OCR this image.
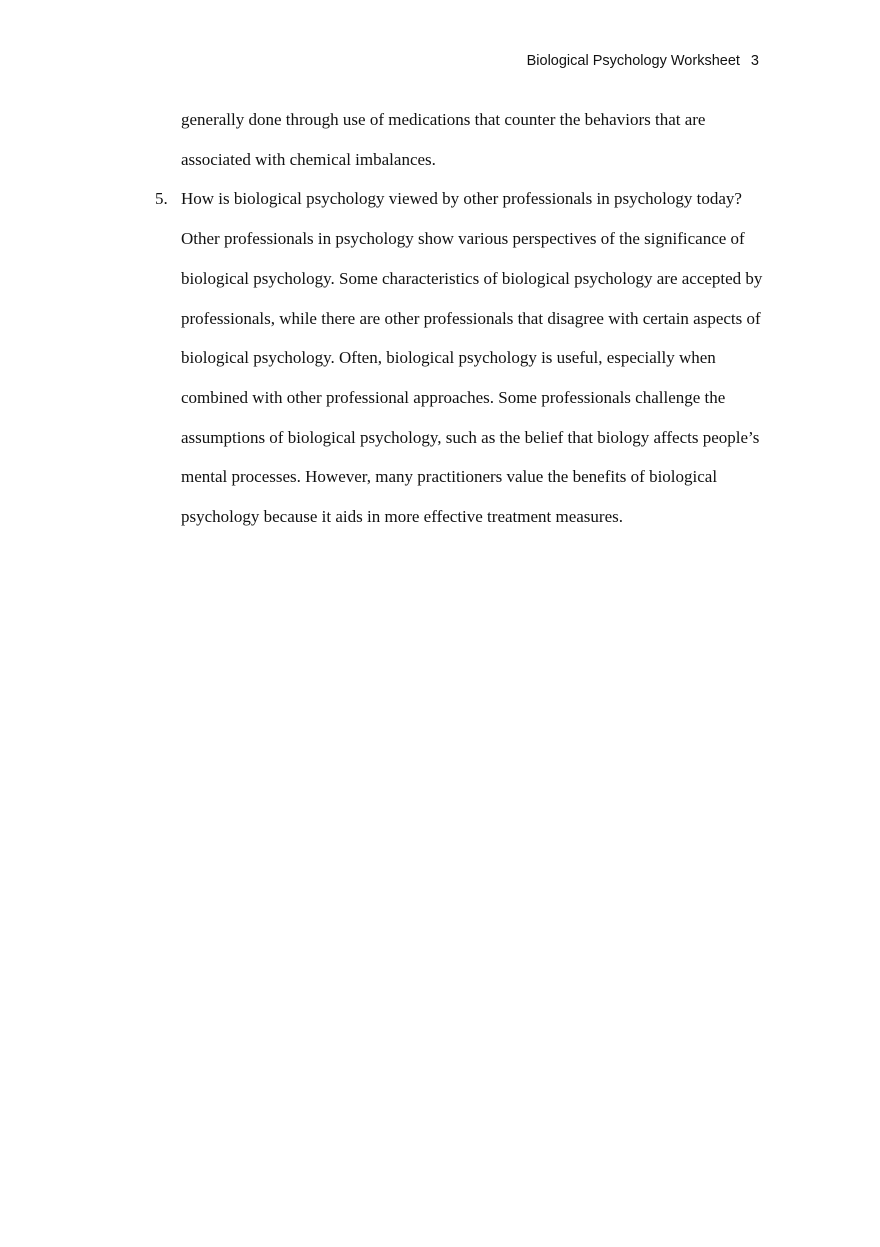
Biological Psychology Worksheet 3
generally done through use of medications that counter the behaviors that are
associated with chemical imbalances.
5. How is biological psychology viewed by other professionals in psychology today?
Other professionals in psychology show various perspectives of the significance of
biological psychology. Some characteristics of biological psychology are accepted by
professionals, while there are other professionals that disagree with certain aspects of
biological psychology. Often, biological psychology is useful, especially when
combined with other professional approaches. Some professionals challenge the
assumptions of biological psychology, such as the belief that biology affects people’s
mental processes. However, many practitioners value the benefits of biological
psychology because it aids in more effective treatment measures.
